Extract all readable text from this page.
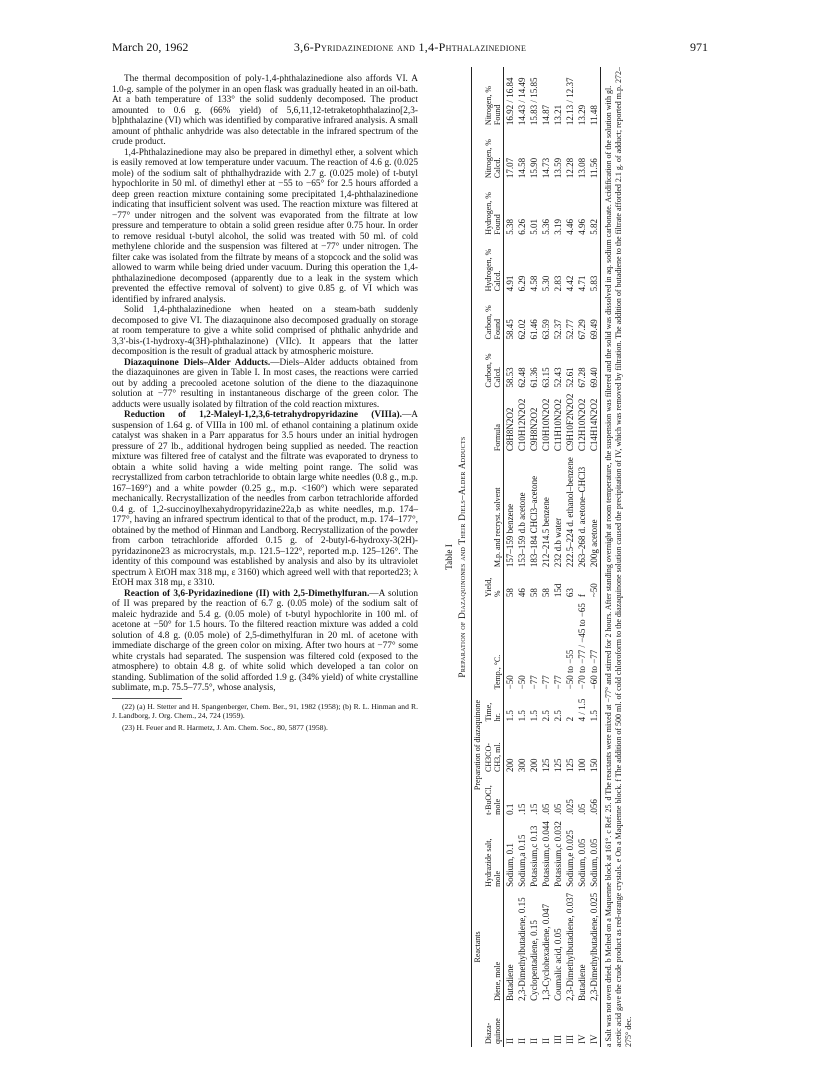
March 20, 1962	3,6-Pyridazinedione and 1,4-Phthalazinedione	971

The thermal decomposition of poly-1,4-phthalazinedione also affords VI. A 1.0-g. sample of the polymer in an open flask was gradually heated in an oil-bath. At a bath temperature of 133° the solid suddenly decomposed. The product amounted to 0.6 g. (66% yield) of 5,6,11,12-tetraketophthalazino[2,3-b]phthalazine (VI) which was identified by comparative infrared analysis. A small amount of phthalic anhydride was also detectable in the infrared spectrum of the crude product.

1,4-Phthalazinedione may also be prepared in dimethyl ether, a solvent which is easily removed at low temperature under vacuum. The reaction of 4.6 g. (0.025 mole) of the sodium salt of phthalhydrazide with 2.7 g. (0.025 mole) of t-butyl hypochlorite in 50 ml. of dimethyl ether at −55 to −65° for 2.5 hours afforded a deep green reaction mixture containing some precipitated 1,4-phthalazinedione indicating that insufficient solvent was used. The reaction mixture was filtered at −77° under nitrogen and the solvent was evaporated from the filtrate at low pressure and temperature to obtain a solid green residue after 0.75 hour. In order to remove residual t-butyl alcohol, the solid was treated with 50 ml. of cold methylene chloride and the suspension was filtered at −77° under nitrogen. The filter cake was isolated from the filtrate by means of a stopcock and the solid was allowed to warm while being dried under vacuum. During this operation the 1,4-phthalazinedione decomposed (apparently due to a leak in the system which prevented the effective removal of solvent) to give 0.85 g. of VI which was identified by infrared analysis.

Solid 1,4-phthalazinedione when heated on a steam-bath suddenly decomposed to give VI. The diazaquinone also decomposed gradually on storage at room temperature to give a white solid comprised of phthalic anhydride and 3,3′-bis-(1-hydroxy-4(3H)-phthalazinone) (VIIc). It appears that the latter decomposition is the result of gradual attack by atmospheric moisture.

Diazaquinone Diels–Alder Adducts.—Diels–Alder adducts obtained from the diazaquinones are given in Table I. In most cases, the reactions were carried out by adding a precooled acetone solution of the diene to the diazaquinone solution at −77° resulting in instantaneous discharge of the green color. The adducts were usually isolated by filtration of the cold reaction mixtures.

Reduction of 1,2-Maleyl-1,2,3,6-tetrahydropyridazine (VIIIa).—A suspension of 1.64 g. of VIIIa in 100 ml. of ethanol containing a platinum oxide catalyst was shaken in a Parr apparatus for 3.5 hours under an initial hydrogen pressure of 27 lb., additional hydrogen being supplied as needed. The reaction mixture was filtered free of catalyst and the filtrate was evaporated to dryness to obtain a white solid having a wide melting point range. The solid was recrystallized from carbon tetrachloride to obtain large white needles (0.8 g., m.p. 167–169°) and a white powder (0.25 g., m.p. <160°) which were separated mechanically. Recrystallization of the needles from carbon tetrachloride afforded 0.4 g. of 1,2-succinoylhexahydropyridazine22a,b as white needles, m.p. 174–177°, having an infrared spectrum identical to that of the product, m.p. 174–177°, obtained by the method of Hinman and Landborg. Recrystallization of the powder from carbon tetrachloride afforded 0.15 g. of 2-butyl-6-hydroxy-3(2H)-pyridazinone23 as microcrystals, m.p. 121.5–122°, reported m.p. 125–126°. The identity of this compound was established by analysis and also by its ultraviolet spectrum λ EtOH max 318 mμ, ε 3160) which agreed well with that reported23; λ EtOH max 318 mμ, ε 3310.

Reaction of 3,6-Pyridazinedione (II) with 2,5-Dimethylfuran.—A solution of II was prepared by the reaction of 6.7 g. (0.05 mole) of the sodium salt of maleic hydrazide and 5.4 g. (0.05 mole) of t-butyl hypochlorite in 100 ml. of acetone at −50° for 1.5 hours. To the filtered reaction mixture was added a cold solution of 4.8 g. (0.05 mole) of 2,5-dimethylfuran in 20 ml. of acetone with immediate discharge of the green color on mixing. After two hours at −77° some white crystals had separated. The suspension was filtered cold (exposed to the atmosphere) to obtain 4.8 g. of white solid which developed a tan color on standing. Sublimation of the solid afforded 1.9 g. (34% yield) of white crystalline sublimate, m.p. 75.5–77.5°, whose analysis,

(22) (a) H. Stetter and H. Spangenberger, Chem. Ber., 91, 1982 (1958); (b) R. L. Hinman and R. J. Landborg, J. Org. Chem., 24, 724 (1959).

(23) H. Feuer and R. Harmetz, J. Am. Chem. Soc., 80, 5877 (1958).

Table I Preparation of Diazaquinones and Their Diels–Alder Adducts
	Reactants	Preparation of diazaquinone													
Diaza-quinone	Diene, mole	Hydrazide salt, mole	t-BuOCl, mole	CH3CO-CH3, ml.	Time, hr.	Temp., °C.	Yield, %	M.p. and recryst. solvent	Formula	Carbon, % Calcd.	Carbon, % Found	Hydrogen, % Calcd.	Hydrogen, % Found	Nitrogen, % Calcd.	Nitrogen, % Found
II	Butadiene	Sodium, 0.1	0.1	200	1.5	−50	58	157–159 benzene	C8H8N2O2	58.53	58.45	4.91	5.38	17.07	16.92 / 16.84
II	2,3-Dimethylbutadiene, 0.15	Sodium,a 0.15	.15	300	1.5	−50	46	153–159 d.b acetone	C10H12N2O2	62.48	62.02	6.29	6.26	14.58	14.43 / 14.49
II	Cyclopentadiene, 0.15	Potassium,c 0.13	.15	200	1.5	−77	58	183–184 CHCl3–acetone	C9H8N2O2	61.36	61.46	4.58	5.01	15.90	15.83 / 15.85
II	1,3-Cyclohexadiene, 0.047	Potassium,c 0.044	.05	125	2.5	−77	58	212–214.5 benzene	C10H10N2O2	63.15	63.59	5.30	5.36	14.73	14.87
III	Coumalic acid, 0.05	Potassium,c 0.032	.05	125	2.5	−77	15d	232 d.b water	C11H10N2O2	52.43	52.37	2.83	3.19	13.59	13.21
III	2,3-Dimethylbutadiene, 0.037	Sodium,e 0.025	.025	125	2	−50 to −55	63	222.5–224 d. ethanol–benzene	C9H10F2N2O2	52.61	52.77	4.42	4.46	12.28	12.13 / 12.37
IV	Butadiene	Sodium, 0.05	.05	100	4 / 1.5	−70 to −77 / −45 to −65	f	263–268 d. acetone–CHCl3	C12H10N2O2	67.28	67.29	4.71	4.96	13.08	13.29
IV	2,3-Dimethylbutadiene, 0.025	Sodium, 0.05	.056	150	1.5	−60 to −77	~50	200g acetone	C14H14N2O2	69.40	69.49	5.83	5.82	11.56	11.48 a Salt was not oven dried. b Melted on a Maquenne block at 161°. c Ref. 25. d The reactants were mixed at −77° and stirred for 2 hours. After standing overnight at room temperature, the suspension was filtered and the solid was dissolved in aq. sodium carbonate. Acidification of the solution with gl. acetic acid gave the crude product as red-orange crystals. e On a Maquenne block. f The addition of 500 ml. of cold chloroform to the diazaquinone solution caused the precipitation of IV, which was removed by filtration. The addition of butadiene to the filtrate afforded 2.1 g. of adduct; reported m.p. 272–275° dec.
